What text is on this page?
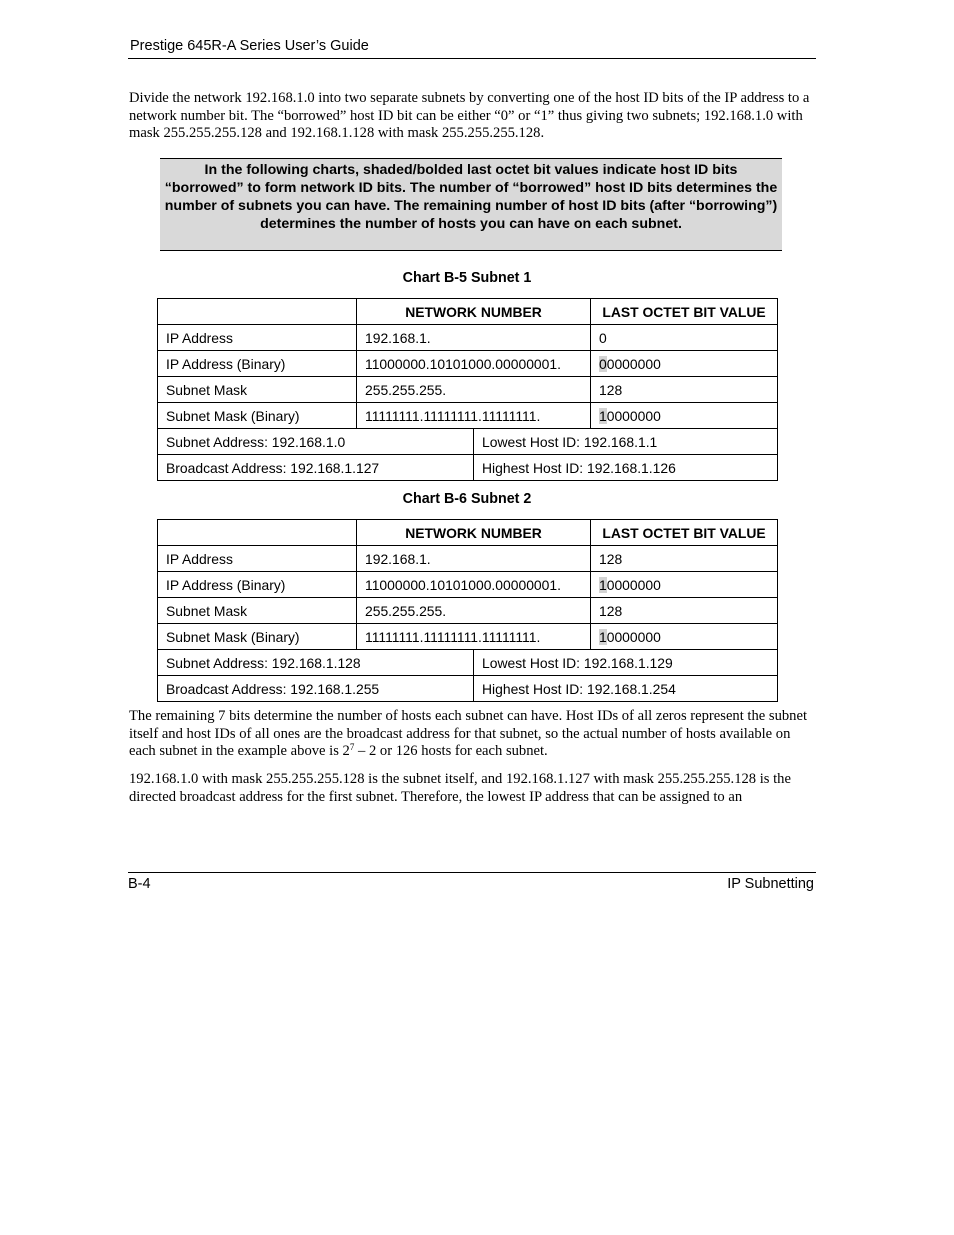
Prestige 645R-A Series User’s Guide

Divide the network 192.168.1.0 into two separate subnets by converting one of the host ID bits of the IP address to a network number bit. The “borrowed” host ID bit can be either “0” or “1” thus giving two subnets; 192.168.1.0 with mask 255.255.255.128 and 192.168.1.128 with mask 255.255.255.128.

In the following charts, shaded/bolded last octet bit values indicate host ID bits “borrowed” to form network ID bits. The number of “borrowed” host ID bits determines the number of subnets you can have. The remaining number of host ID bits (after “borrowing”) determines the number of hosts you can have on each subnet.

Chart B-5 Subnet 1
	NETWORK NUMBER		LAST OCTET BIT VALUE
IP Address	192.168.1.		0
IP Address (Binary)	11000000.10101000.00000001.		00000000
Subnet Mask	255.255.255.		128
Subnet Mask (Binary)	11111111.11111111.11111111.		10000000
Subnet Address: 192.168.1.0		Lowest Host ID: 192.168.1.1	
Broadcast Address: 192.168.1.127		Highest Host ID: 192.168.1.126	
Chart B-6 Subnet 2
	NETWORK NUMBER		LAST OCTET BIT VALUE
IP Address	192.168.1.		128
IP Address (Binary)	11000000.10101000.00000001.		10000000
Subnet Mask	255.255.255.		128
Subnet Mask (Binary)	11111111.11111111.11111111.		10000000
Subnet Address: 192.168.1.128		Lowest Host ID: 192.168.1.129	
Broadcast Address: 192.168.1.255		Highest Host ID: 192.168.1.254	

The remaining 7 bits determine the number of hosts each subnet can have. Host IDs of all zeros represent the subnet itself and host IDs of all ones are the broadcast address for that subnet, so the actual number of hosts available on each subnet in the example above is $2^7 - 2$ or 126 hosts for each subnet.

192.168.1.0 with mask 255.255.255.128 is the subnet itself, and 192.168.1.127 with mask 255.255.255.128 is the directed broadcast address for the first subnet. Therefore, the lowest IP address that can be assigned to an

B-4	IP Subnetting
